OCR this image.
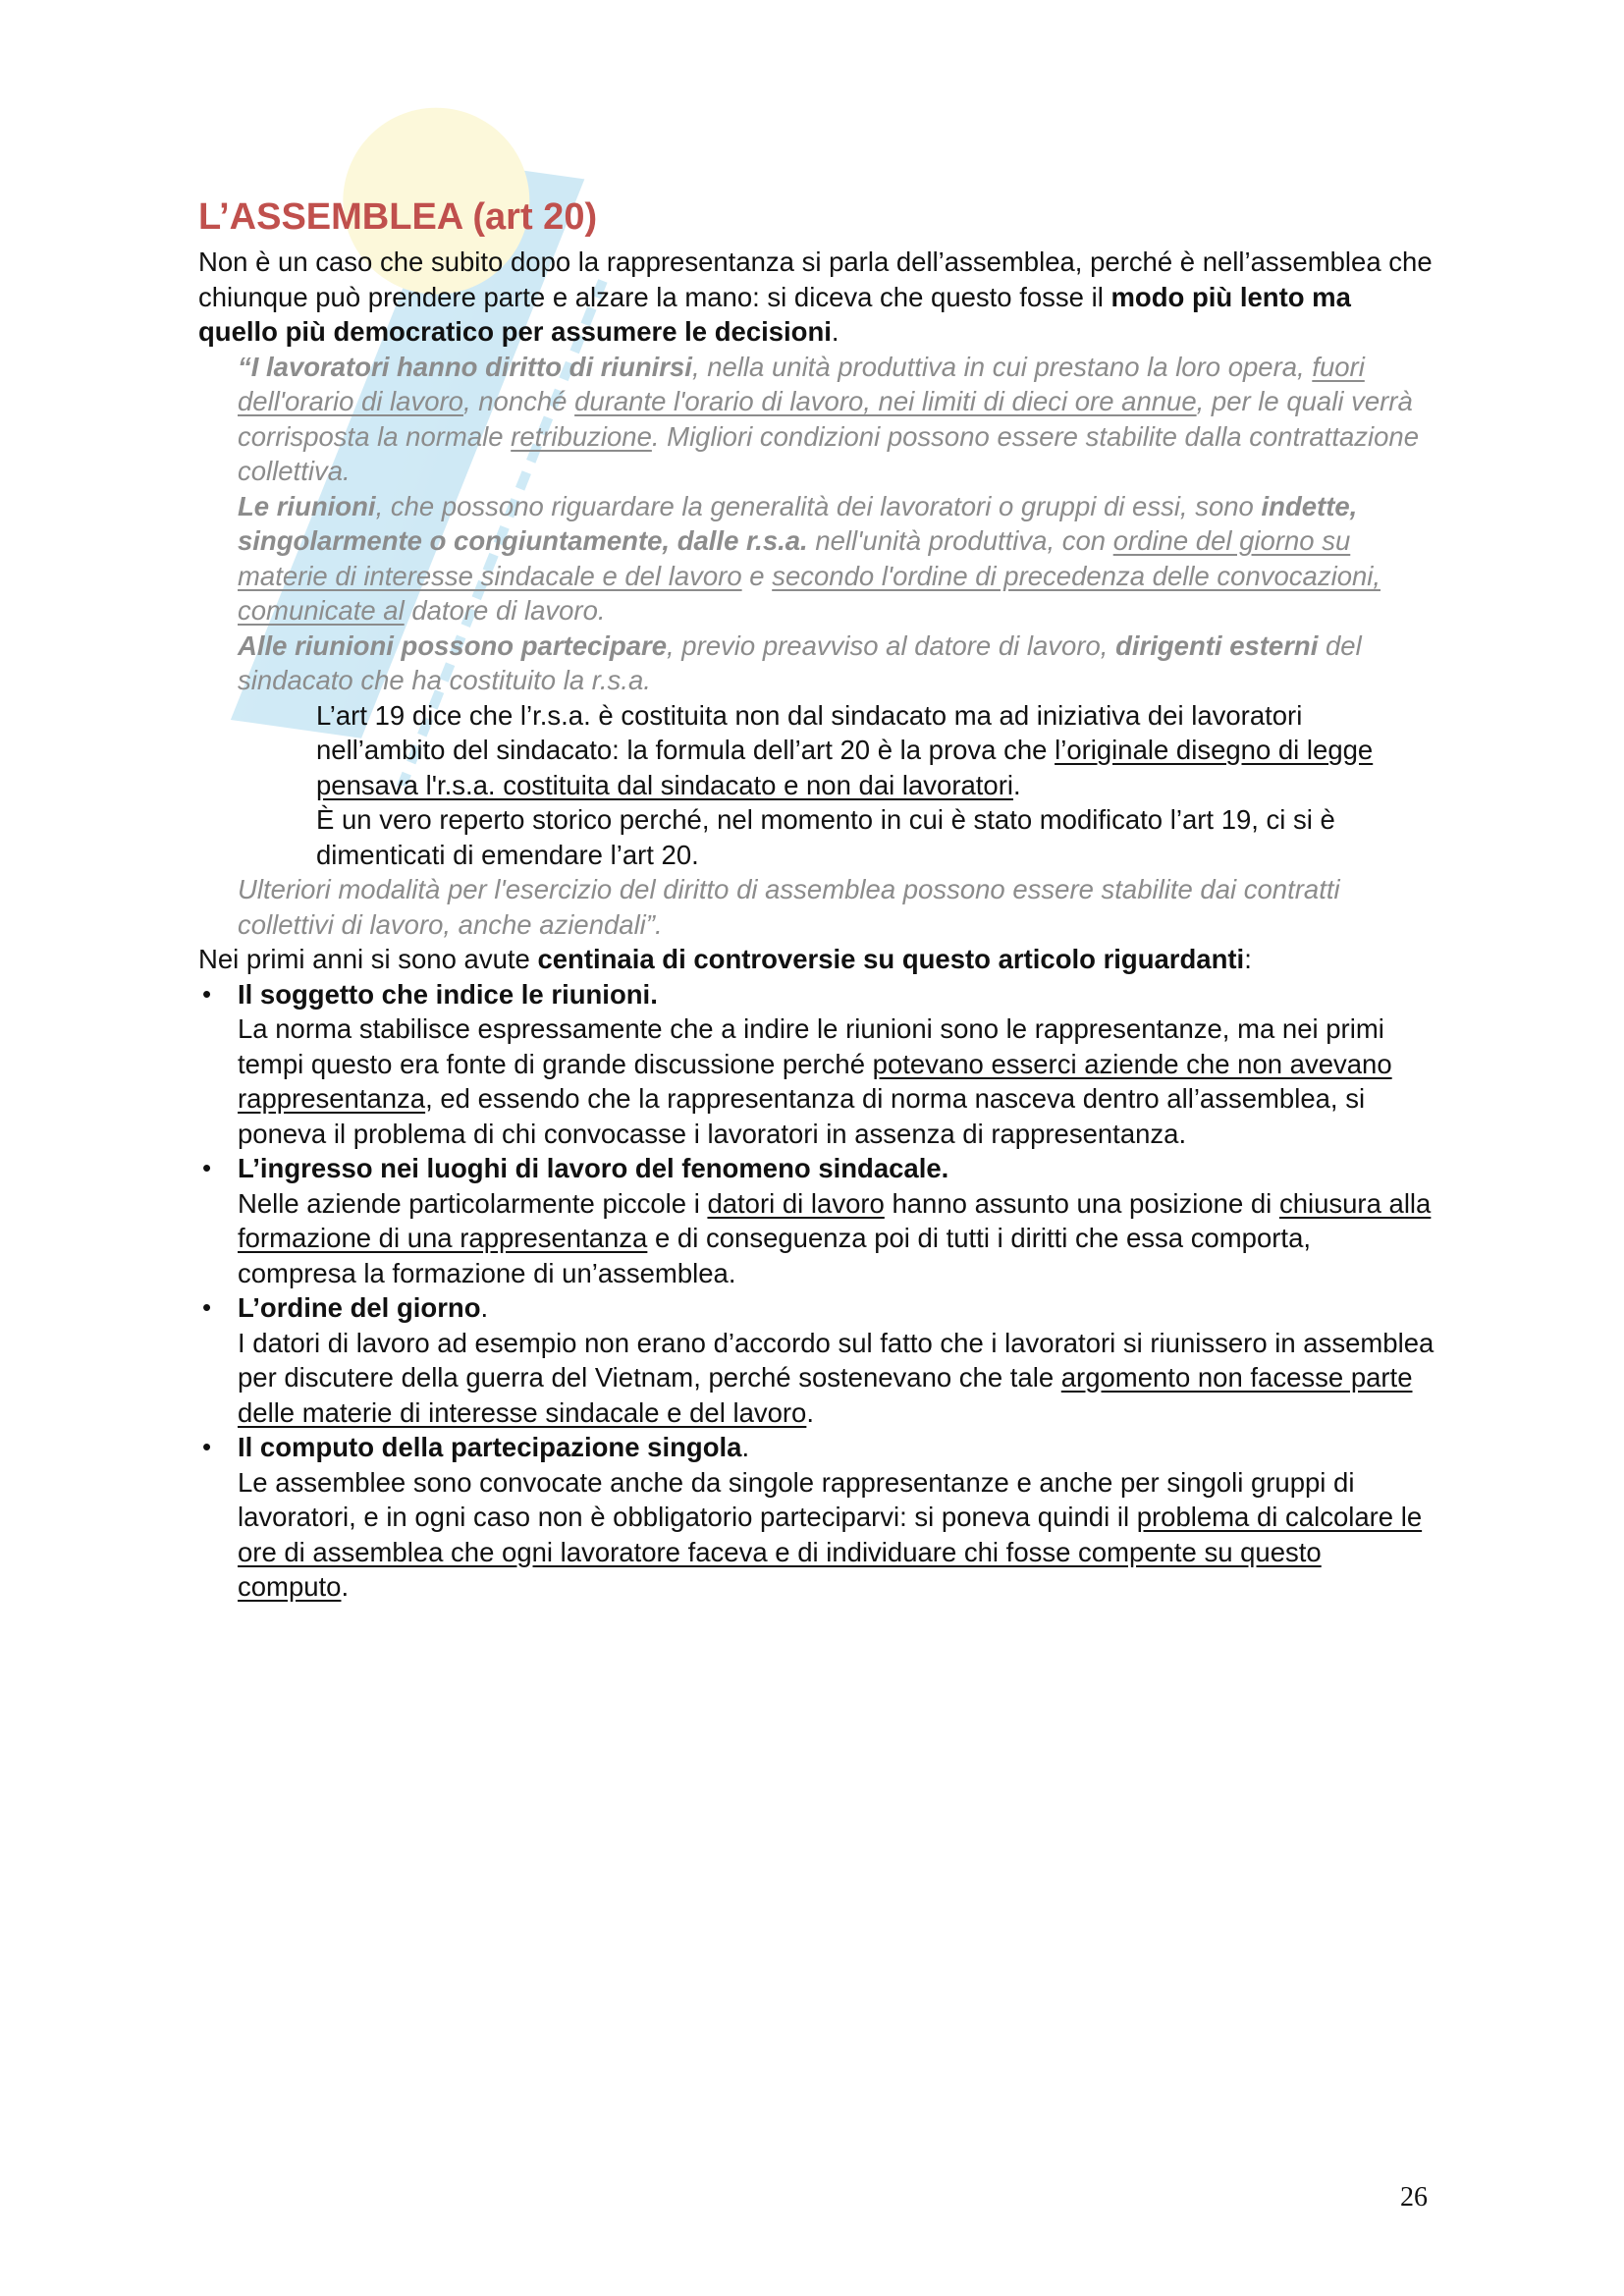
L’ASSEMBLEA (art 20)

Non è un caso che subito dopo la rappresentanza si parla dell’assemblea, perché è nell’assemblea che chiunque può prendere parte e alzare la mano: si diceva che questo fosse il modo più lento ma quello più democratico per assumere le decisioni.

“I lavoratori hanno diritto di riunirsi, nella unità produttiva in cui prestano la loro opera, fuori dell'orario di lavoro, nonché durante l'orario di lavoro, nei limiti di dieci ore annue, per le quali verrà corrisposta la normale retribuzione. Migliori condizioni possono essere stabilite dalla contrattazione collettiva.

Le riunioni, che possono riguardare la generalità dei lavoratori o gruppi di essi, sono indette, singolarmente o congiuntamente, dalle r.s.a. nell'unità produttiva, con ordine del giorno su materie di interesse sindacale e del lavoro e secondo l'ordine di precedenza delle convocazioni, comunicate al datore di lavoro.

Alle riunioni possono partecipare, previo preavviso al datore di lavoro, dirigenti esterni del sindacato che ha costituito la r.s.a.

L’art 19 dice che l’r.s.a. è costituita non dal sindacato ma ad iniziativa dei lavoratori nell’ambito del sindacato: la formula dell’art 20 è la prova che l’originale disegno di legge pensava l'r.s.a. costituita dal sindacato e non dai lavoratori.

È un vero reperto storico perché, nel momento in cui è stato modificato l’art 19, ci si è dimenticati di emendare l’art 20.

Ulteriori modalità per l'esercizio del diritto di assemblea possono essere stabilite dai contratti collettivi di lavoro, anche aziendali”.

Nei primi anni si sono avute centinaia di controversie su questo articolo riguardanti:

• Il soggetto che indice le riunioni.
La norma stabilisce espressamente che a indire le riunioni sono le rappresentanze, ma nei primi tempi questo era fonte di grande discussione perché potevano esserci aziende che non avevano rappresentanza, ed essendo che la rappresentanza di norma nasceva dentro all’assemblea, si poneva il problema di chi convocasse i lavoratori in assenza di rappresentanza.
• L’ingresso nei luoghi di lavoro del fenomeno sindacale.
Nelle aziende particolarmente piccole i datori di lavoro hanno assunto una posizione di chiusura alla formazione di una rappresentanza e di conseguenza poi di tutti i diritti che essa comporta, compresa la formazione di un’assemblea.
• L’ordine del giorno.
I datori di lavoro ad esempio non erano d’accordo sul fatto che i lavoratori si riunissero in assemblea per discutere della guerra del Vietnam, perché sostenevano che tale argomento non facesse parte delle materie di interesse sindacale e del lavoro.
• Il computo della partecipazione singola.
Le assemblee sono convocate anche da singole rappresentanze e anche per singoli gruppi di lavoratori, e in ogni caso non è obbligatorio parteciparvi: si poneva quindi il problema di calcolare le ore di assemblea che ogni lavoratore faceva e di individuare chi fosse compente su questo computo.
26
